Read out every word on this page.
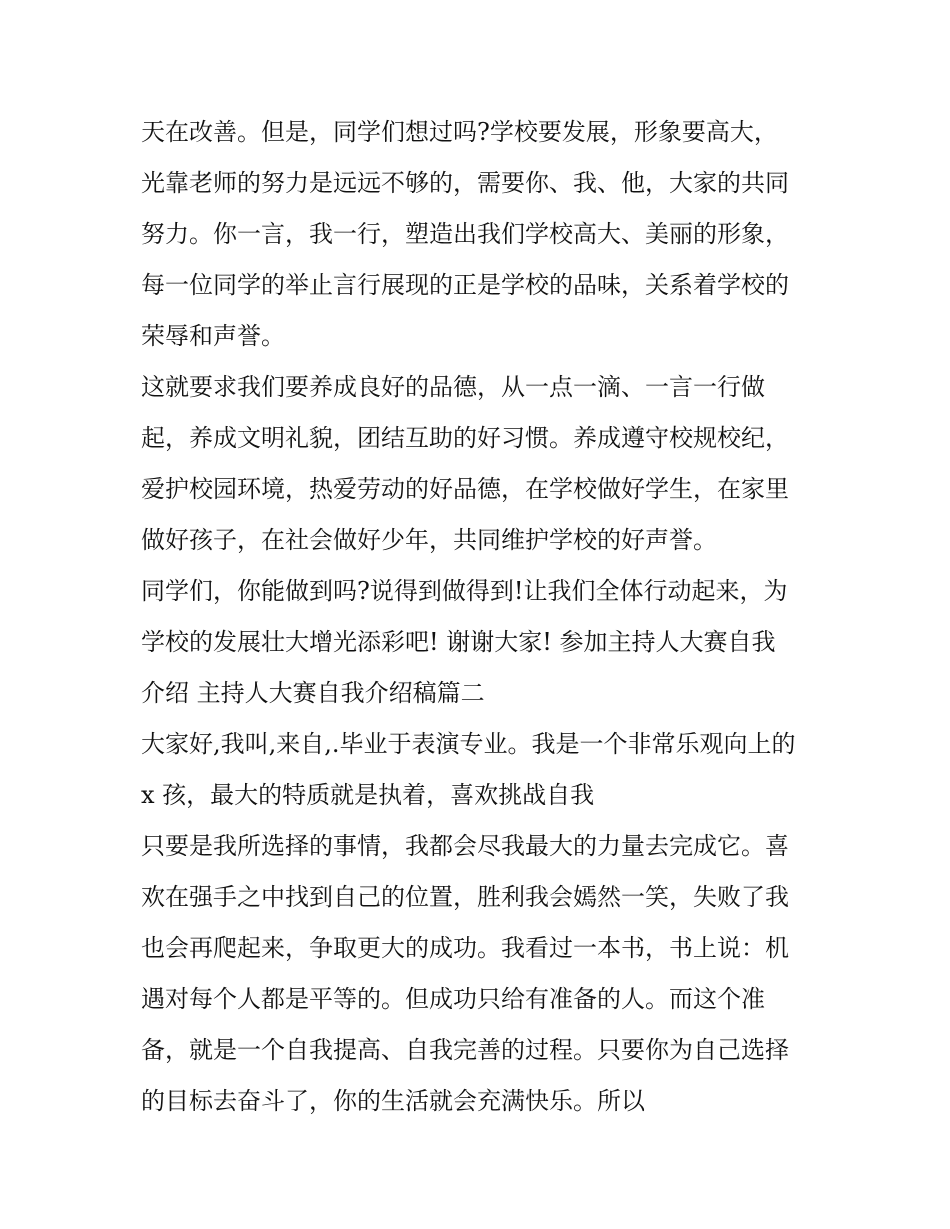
天在改善。但是，同学们想过吗?学校要发展，形象要高大，
光靠老师的努力是远远不够的，需要你、我、他，大家的共同
努力。你一言，我一行，塑造出我们学校高大、美丽的形象，
每一位同学的举止言行展现的正是学校的品味，关系着学校的
荣辱和声誉。
这就要求我们要养成良好的品德，从一点一滴、一言一行做
起，养成文明礼貌，团结互助的好习惯。养成遵守校规校纪，
爱护校园环境，热爱劳动的好品德，在学校做好学生，在家里
做好孩子，在社会做好少年，共同维护学校的好声誉。
同学们，你能做到吗?说得到做得到!让我们全体行动起来，为
学校的发展壮大增光添彩吧! 谢谢大家! 参加主持人大赛自我
介绍 主持人大赛自我介绍稿篇二
大家好,我叫,来自,.毕业于表演专业。我是一个非常乐观向上的
x 孩，最大的特质就是执着，喜欢挑战自我
只要是我所选择的事情，我都会尽我最大的力量去完成它。喜
欢在强手之中找到自己的位置，胜利我会嫣然一笑，失败了我
也会再爬起来，争取更大的成功。我看过一本书，书上说：机
遇对每个人都是平等的。但成功只给有准备的人。而这个准
备，就是一个自我提高、自我完善的过程。只要你为自己选择
的目标去奋斗了，你的生活就会充满快乐。所以
